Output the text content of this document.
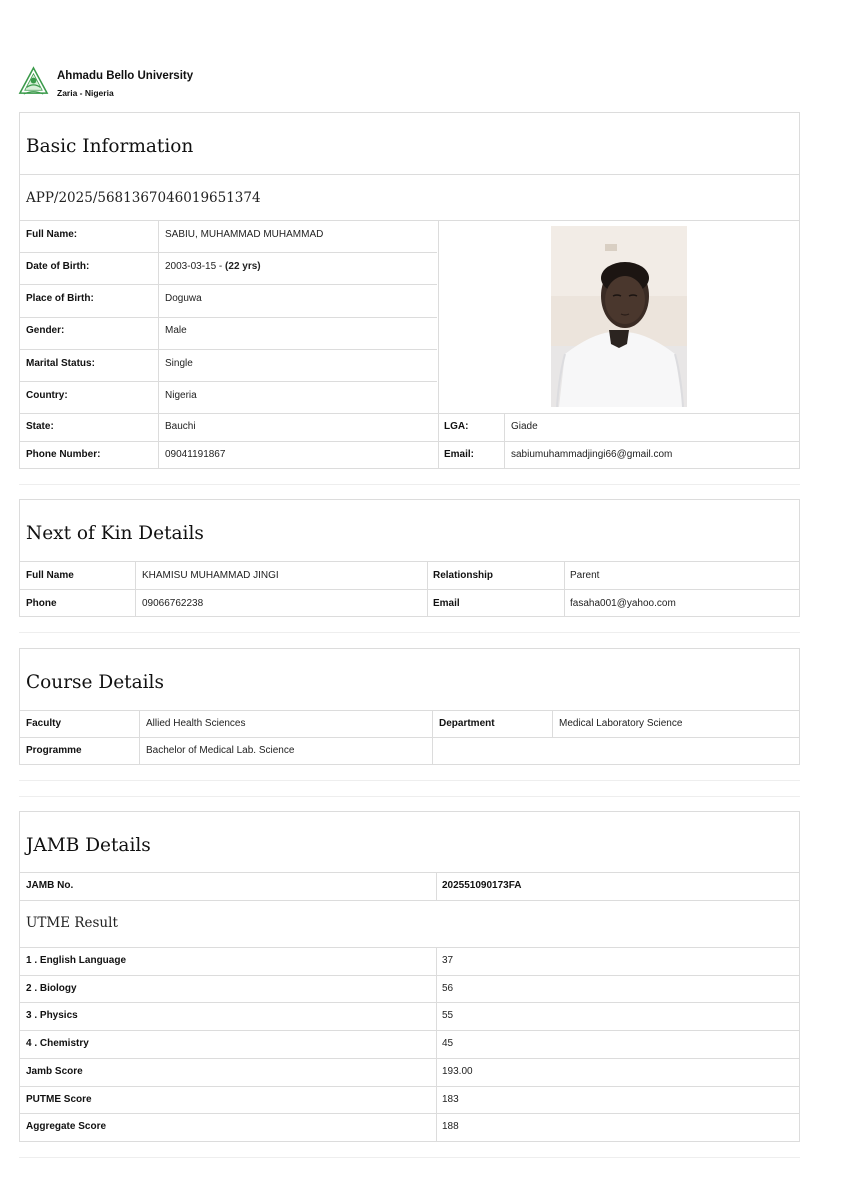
Ahmadu Bello University
Zaria - Nigeria
Basic Information
APP/2025/5681367046019651374
Full Name:	SABIU, MUHAMMAD MUHAMMAD
Date of Birth:	2003-03-15 - (22 yrs)
Place of Birth:	Doguwa
Gender:	Male
Marital Status:	Single
Country:	Nigeria
State:	Bauchi	LGA:	Giade
Phone Number:	09041191867	Email:	sabiumuhammadjingi66@gmail.com
Next of Kin Details
Full Name	KHAMISU MUHAMMAD JINGI	Relationship	Parent
Phone	09066762238	Email	fasaha001@yahoo.com
Course Details
Faculty	Allied Health Sciences	Department	Medical Laboratory Science
Programme	Bachelor of Medical Lab. Science
JAMB Details
JAMB No.	202551090173FA
UTME Result
1 . English Language	37
2 . Biology	56
3 . Physics	55
4 . Chemistry	45
Jamb Score	193.00
PUTME Score	183
Aggregate Score	188
